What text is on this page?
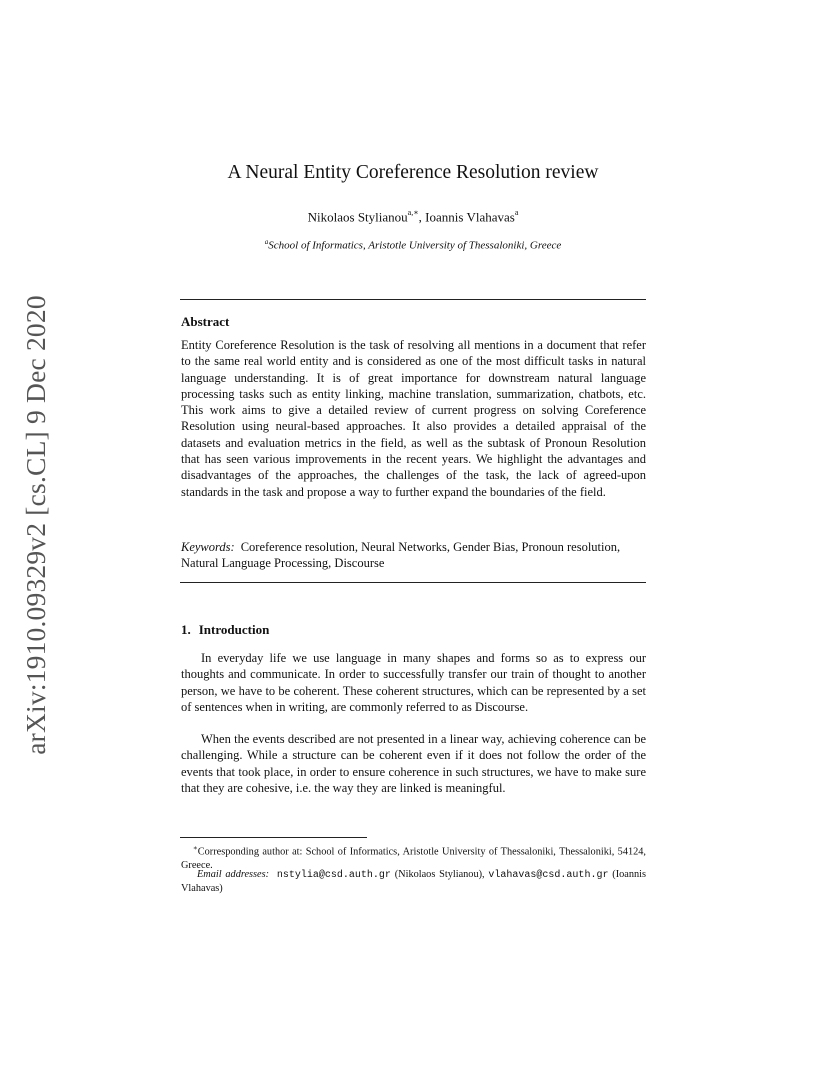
arXiv:1910.09329v2 [cs.CL] 9 Dec 2020
A Neural Entity Coreference Resolution review
Nikolaos Stylianou$^{a,∗}$, Ioannis Vlahavas$^a$
$^a$School of Informatics, Aristotle University of Thessaloniki, Greece
Abstract
Entity Coreference Resolution is the task of resolving all mentions in a document that refer to the same real world entity and is considered as one of the most difficult tasks in natural language understanding. It is of great importance for downstream natural language processing tasks such as entity linking, machine translation, summarization, chatbots, etc. This work aims to give a detailed review of current progress on solving Coreference Resolution using neural-based approaches. It also provides a detailed appraisal of the datasets and evaluation metrics in the field, as well as the subtask of Pronoun Resolution that has seen various improvements in the recent years. We highlight the advantages and disadvantages of the approaches, the challenges of the task, the lack of agreed-upon standards in the task and propose a way to further expand the boundaries of the field.
Keywords: Coreference resolution, Neural Networks, Gender Bias, Pronoun resolution, Natural Language Processing, Discourse
1. Introduction
In everyday life we use language in many shapes and forms so as to express our thoughts and communicate. In order to successfully transfer our train of thought to another person, we have to be coherent. These coherent structures, which can be represented by a set of sentences when in writing, are commonly referred to as Discourse.
When the events described are not presented in a linear way, achieving coherence can be challenging. While a structure can be coherent even if it does not follow the order of the events that took place, in order to ensure coherence in such structures, we have to make sure that they are cohesive, i.e. the way they are linked is meaningful.
∗Corresponding author at: School of Informatics, Aristotle University of Thessaloniki, Thessaloniki, 54124, Greece.
Email addresses: nstylia@csd.auth.gr (Nikolaos Stylianou), vlahavas@csd.auth.gr (Ioannis Vlahavas)
